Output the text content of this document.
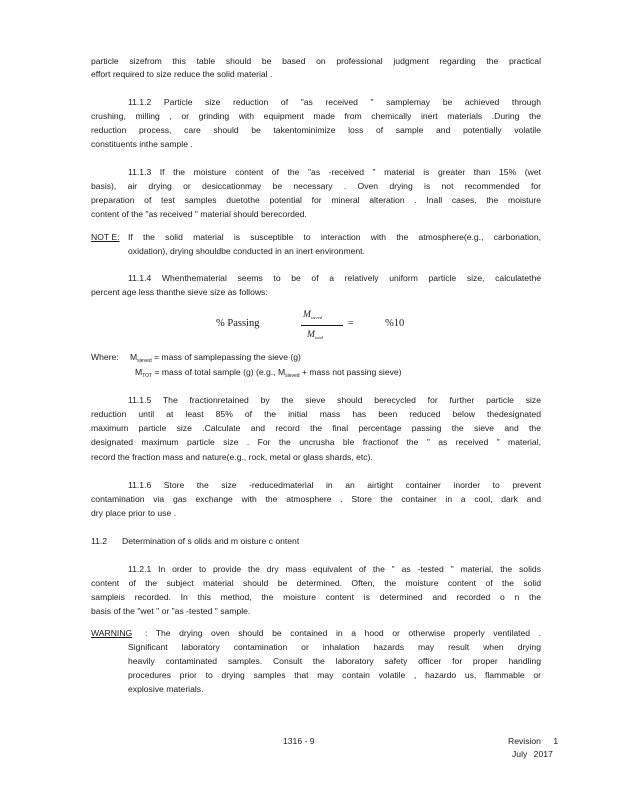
particle sizefrom this table should be based on professional judgment regarding the practical

effort required to size reduce the solid material .

11.1.2 Particle size reduction of "as received " samplemay be achieved through

crushing, milling , or grinding with equipment made from chemically inert materials .During the

reduction process, care should be takentominimize loss of sample and potentially volatile

constituents inthe sample .

11.1.3 If the moisture content of the "as -received " material is greater than 15% (wet

basis), air drying or desiccationmay be necessary . Oven drying is not recommended for

preparation of test samples duetothe potential for mineral alteration . Inall cases, the moisture

content of the "as received " material should berecorded.

NOT E: If the solid material is susceptible to interaction with the atmosphere(e.g., carbonation,

oxidation), drying shouldbe conducted in an inert environment.

11.1.4 Whenthematerial seems to be of a relatively uniform particle size, calculatethe

percent age less thanthe sieve size as follows:

% Passing
$M_{sieved}$
$M_{total}$
=	%10
Where: $M_{sieved}$ = mass of samplepassing the sieve (g)

$M_{TOT}$ = mass of total sample (g) (e.g., $M_{sieved}$ + mass not passing sieve)

11.1.5 The fractionretained by the sieve should berecycled for further particle size

reduction until at least 85% of the initial mass has been reduced below thedesignated

maximum particle size .Calculate and record the final percentage passing the sieve and the

designated maximum particle size . For the uncrusha ble fractionof the " as received " material,

record the fraction mass and nature(e.g., rock, metal or glass shards, etc).

11.1.6 Store the size -reducedmaterial in an airtight container inorder to prevent

contamination via gas exchange with the atmosphere . Store the container in a cool, dark and

dry place prior to use .

11.2 Determination of s olids and m oisture c ontent

11.2.1 In order to provide the dry mass equivalent of the " as -tested " material, the solids

content of the subject material should be determined. Often, the moisture content of the solid

sampleis recorded. In this method, the moisture content is determined and recorded o n the

basis of the "wet " or "as -tested " sample.

WARNING : The drying oven should be contained in a hood or otherwise properly ventilated .

Significant laboratory contamination or inhalation hazards may result when drying

heavily contaminated samples. Consult the laboratory safety officer for proper handling

procedures prior to drying samples that may contain volatile , hazardo us, flammable or

explosive materials.

1316 - 9	Revision 1
July 2017
